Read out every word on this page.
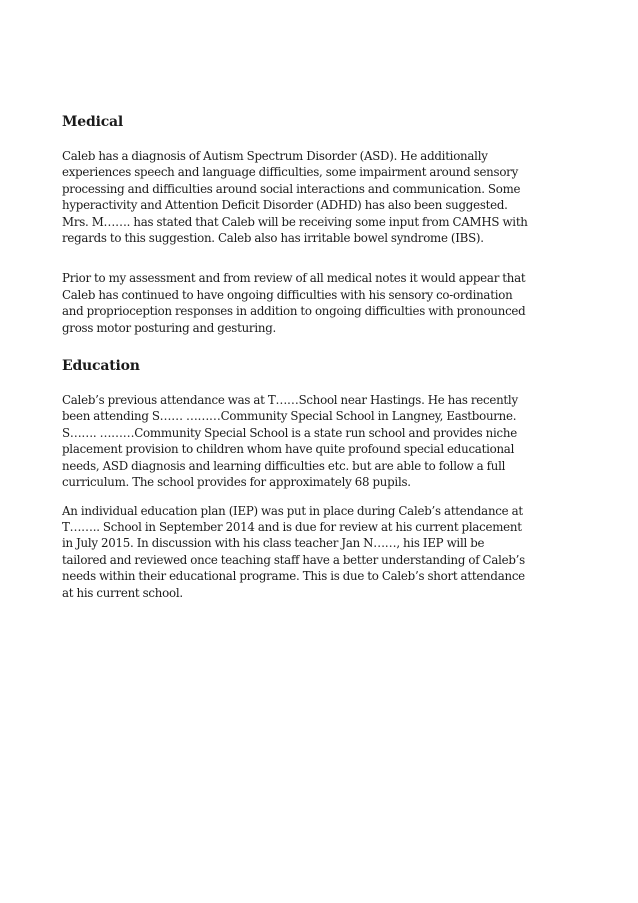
Medical

Caleb has a diagnosis of Autism Spectrum Disorder (ASD). He additionally
experiences speech and language difficulties, some impairment around sensory
processing and difficulties around social interactions and communication. Some
hyperactivity and Attention Deficit Disorder (ADHD) has also been suggested.
Mrs. M……. has stated that Caleb will be receiving some input from CAMHS with
regards to this suggestion. Caleb also has irritable bowel syndrome (IBS).

Prior to my assessment and from review of all medical notes it would appear that
Caleb has continued to have ongoing difficulties with his sensory co-ordination
and proprioception responses in addition to ongoing difficulties with pronounced
gross motor posturing and gesturing.

Education

Caleb’s previous attendance was at T……School near Hastings. He has recently
been attending S…… ………Community Special School in Langney, Eastbourne.
S……. ………Community Special School is a state run school and provides niche
placement provision to children whom have quite profound special educational
needs, ASD diagnosis and learning difficulties etc. but are able to follow a full
curriculum. The school provides for approximately 68 pupils.

An individual education plan (IEP) was put in place during Caleb’s attendance at
T…….. School in September 2014 and is due for review at his current placement
in July 2015. In discussion with his class teacher Jan N……, his IEP will be
tailored and reviewed once teaching staff have a better understanding of Caleb’s
needs within their educational programe. This is due to Caleb’s short attendance
at his current school.
